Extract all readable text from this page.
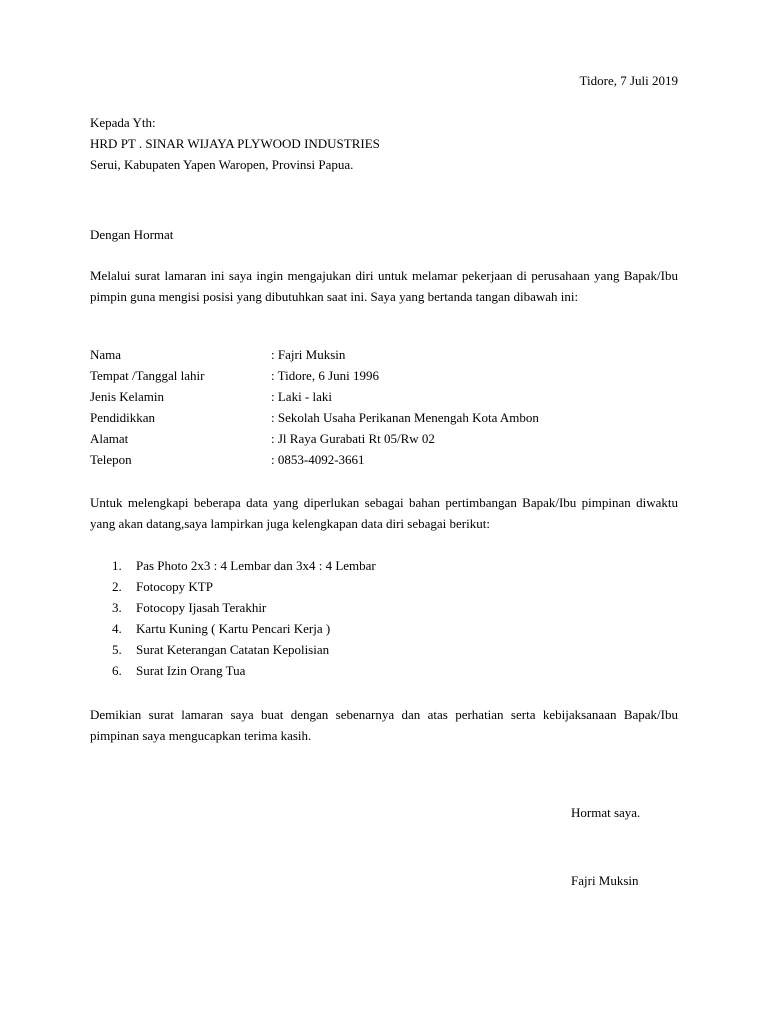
Tidore, 7 Juli 2019
Kepada Yth:
HRD PT . SINAR WIJAYA PLYWOOD INDUSTRIES
Serui, Kabupaten Yapen Waropen, Provinsi Papua.
Dengan Hormat
Melalui surat lamaran ini saya ingin mengajukan diri untuk melamar pekerjaan di perusahaan yang Bapak/Ibu pimpin guna mengisi posisi yang dibutuhkan saat ini. Saya yang bertanda tangan dibawah ini:
Nama	: Fajri Muksin
Tempat /Tanggal lahir	: Tidore, 6 Juni 1996
Jenis Kelamin	: Laki - laki
Pendidikkan	: Sekolah Usaha Perikanan Menengah Kota Ambon
Alamat	: Jl Raya Gurabati Rt 05/Rw 02
Telepon	: 0853-4092-3661
Untuk melengkapi beberapa data yang diperlukan sebagai bahan pertimbangan Bapak/Ibu pimpinan diwaktu yang akan datang,saya lampirkan juga kelengkapan data diri sebagai berikut:
1. Pas Photo 2x3 : 4 Lembar dan 3x4 : 4 Lembar
2. Fotocopy KTP
3. Fotocopy Ijasah Terakhir
4. Kartu Kuning ( Kartu Pencari Kerja )
5. Surat Keterangan Catatan Kepolisian
6. Surat Izin Orang Tua
Demikian surat lamaran saya buat dengan sebenarnya dan atas perhatian serta kebijaksanaan Bapak/Ibu pimpinan saya mengucapkan terima kasih.
Hormat saya.
Fajri Muksin
